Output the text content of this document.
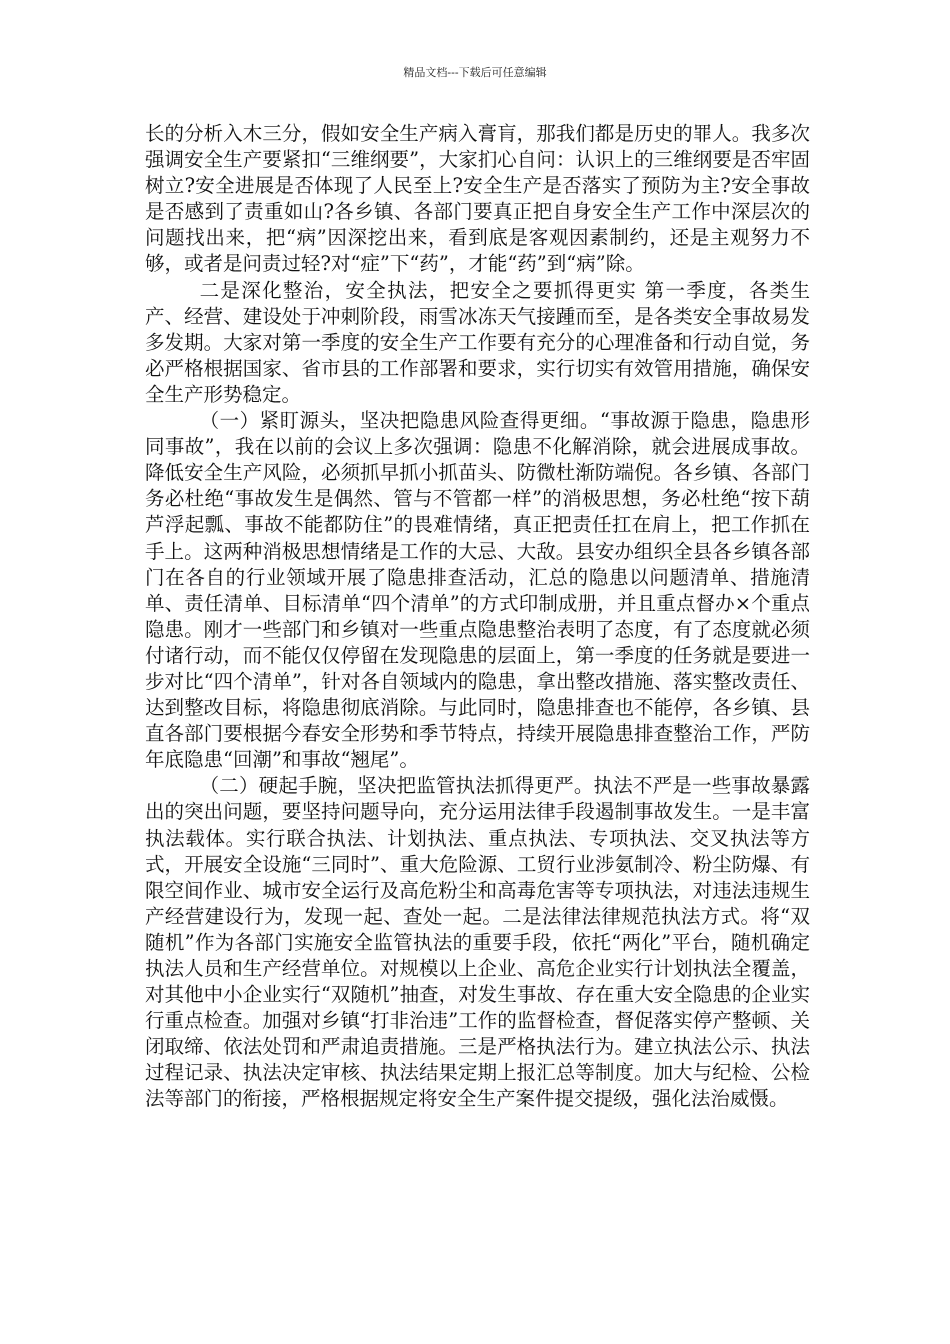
精品文档---下载后可任意编辑

长的分析入木三分，假如安全生产病入膏肓，那我们都是历史的罪人。我多次强调安全生产要紧扣“三维纲要”，大家扪心自问：认识上的三维纲要是否牢固树立?安全进展是否体现了人民至上?安全生产是否落实了预防为主?安全事故是否感到了责重如山?各乡镇、各部门要真正把自身安全生产工作中深层次的问题找出来，把“病”因深挖出来，看到底是客观因素制约，还是主观努力不够，或者是问责过轻?对“症”下“药”，才能“药”到“病”除。

二是深化整治，安全执法，把安全之要抓得更实 第一季度，各类生产、经营、建设处于冲刺阶段，雨雪冰冻天气接踵而至，是各类安全事故易发多发期。大家对第一季度的安全生产工作要有充分的心理准备和行动自觉，务必严格根据国家、省市县的工作部署和要求，实行切实有效管用措施，确保安全生产形势稳定。

（一）紧盯源头，坚决把隐患风险查得更细。“事故源于隐患，隐患形同事故”，我在以前的会议上多次强调：隐患不化解消除，就会进展成事故。降低安全生产风险，必须抓早抓小抓苗头、防微杜渐防端倪。各乡镇、各部门务必杜绝“事故发生是偶然、管与不管都一样”的消极思想，务必杜绝“按下葫芦浮起瓢、事故不能都防住”的畏难情绪，真正把责任扛在肩上，把工作抓在手上。这两种消极思想情绪是工作的大忌、大敌。县安办组织全县各乡镇各部门在各自的行业领域开展了隐患排查活动，汇总的隐患以问题清单、措施清单、责任清单、目标清单“四个清单”的方式印制成册，并且重点督办×个重点隐患。刚才一些部门和乡镇对一些重点隐患整治表明了态度，有了态度就必须付诸行动，而不能仅仅停留在发现隐患的层面上，第一季度的任务就是要进一步对比“四个清单”，针对各自领域内的隐患，拿出整改措施、落实整改责任、达到整改目标，将隐患彻底消除。与此同时，隐患排查也不能停，各乡镇、县直各部门要根据今春安全形势和季节特点，持续开展隐患排查整治工作，严防年底隐患“回潮”和事故“翘尾”。

（二）硬起手腕，坚决把监管执法抓得更严。执法不严是一些事故暴露出的突出问题，要坚持问题导向，充分运用法律手段遏制事故发生。一是丰富执法载体。实行联合执法、计划执法、重点执法、专项执法、交叉执法等方式，开展安全设施“三同时”、重大危险源、工贸行业涉氨制冷、粉尘防爆、有限空间作业、城市安全运行及高危粉尘和高毒危害等专项执法，对违法违规生产经营建设行为，发现一起、查处一起。二是法律法律规范执法方式。将“双随机”作为各部门实施安全监管执法的重要手段，依托“两化”平台，随机确定执法人员和生产经营单位。对规模以上企业、高危企业实行计划执法全覆盖，对其他中小企业实行“双随机”抽查，对发生事故、存在重大安全隐患的企业实行重点检查。加强对乡镇“打非治违”工作的监督检查，督促落实停产整顿、关闭取缔、依法处罚和严肃追责措施。三是严格执法行为。建立执法公示、执法过程记录、执法决定审核、执法结果定期上报汇总等制度。加大与纪检、公检法等部门的衔接，严格根据规定将安全生产案件提交提级，强化法治威慑。
